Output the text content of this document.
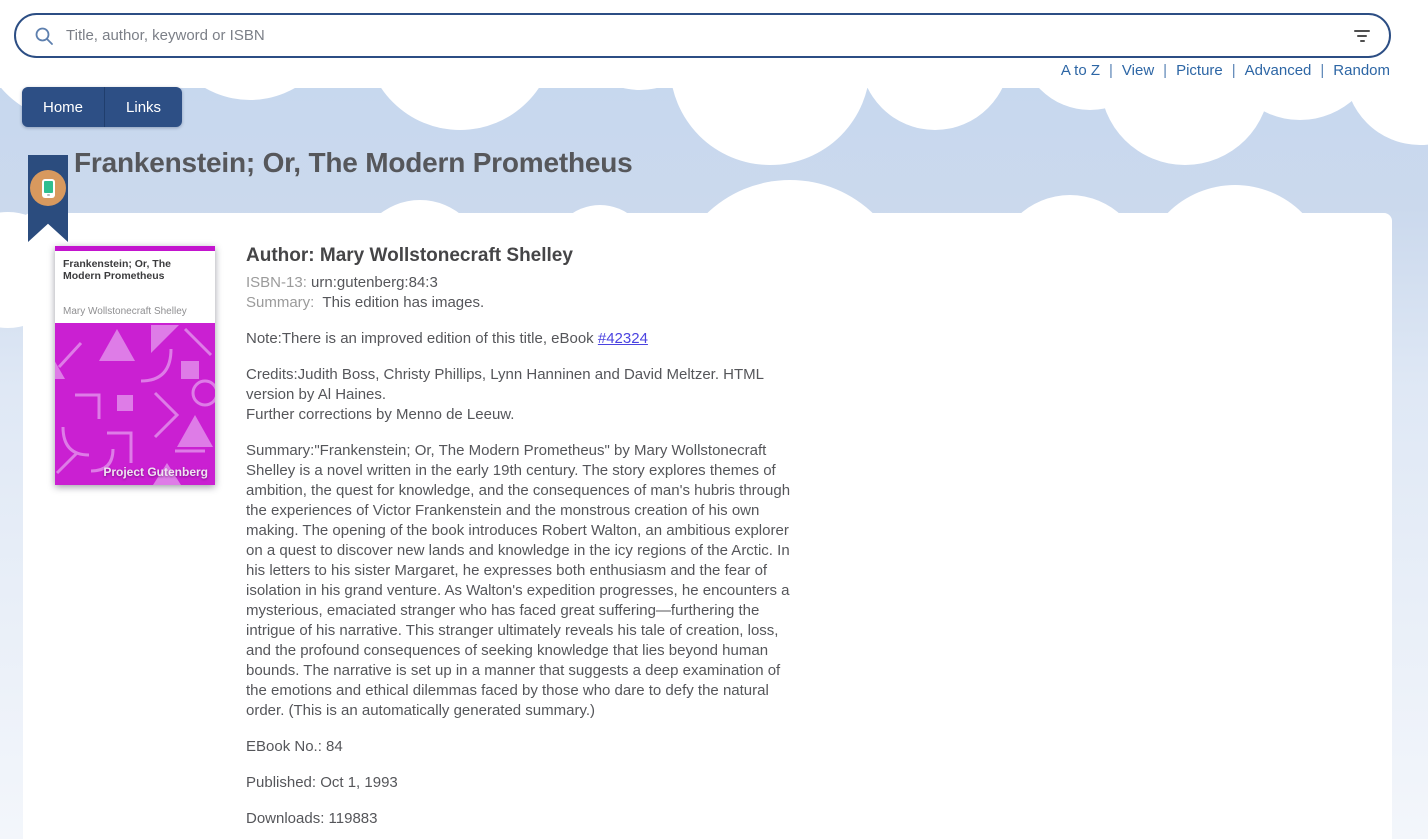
Title, author, keyword or ISBN
A to Z | View | Picture | Advanced | Random
Home	Links
Frankenstein; Or, The Modern Prometheus
Frankenstein; Or, The Modern Prometheus
Mary Wollstonecraft Shelley
Project Gutenberg
Author: Mary Wollstonecraft Shelley
ISBN-13: urn:gutenberg:84:3
Summary:  This edition has images.

Note:There is an improved edition of this title, eBook #42324

Credits:Judith Boss, Christy Phillips, Lynn Hanninen and David Meltzer. HTML version by Al Haines.
Further corrections by Menno de Leeuw.

Summary:"Frankenstein; Or, The Modern Prometheus" by Mary Wollstonecraft Shelley is a novel written in the early 19th century. The story explores themes of ambition, the quest for knowledge, and the consequences of man's hubris through the experiences of Victor Frankenstein and the monstrous creation of his own making. The opening of the book introduces Robert Walton, an ambitious explorer on a quest to discover new lands and knowledge in the icy regions of the Arctic. In his letters to his sister Margaret, he expresses both enthusiasm and the fear of isolation in his grand venture. As Walton's expedition progresses, he encounters a mysterious, emaciated stranger who has faced great suffering—furthering the intrigue of his narrative. This stranger ultimately reveals his tale of creation, loss, and the profound consequences of seeking knowledge that lies beyond human bounds. The narrative is set up in a manner that suggests a deep examination of the emotions and ethical dilemmas faced by those who dare to defy the natural order. (This is an automatically generated summary.)

EBook No.: 84

Published: Oct 1, 1993

Downloads: 119883
